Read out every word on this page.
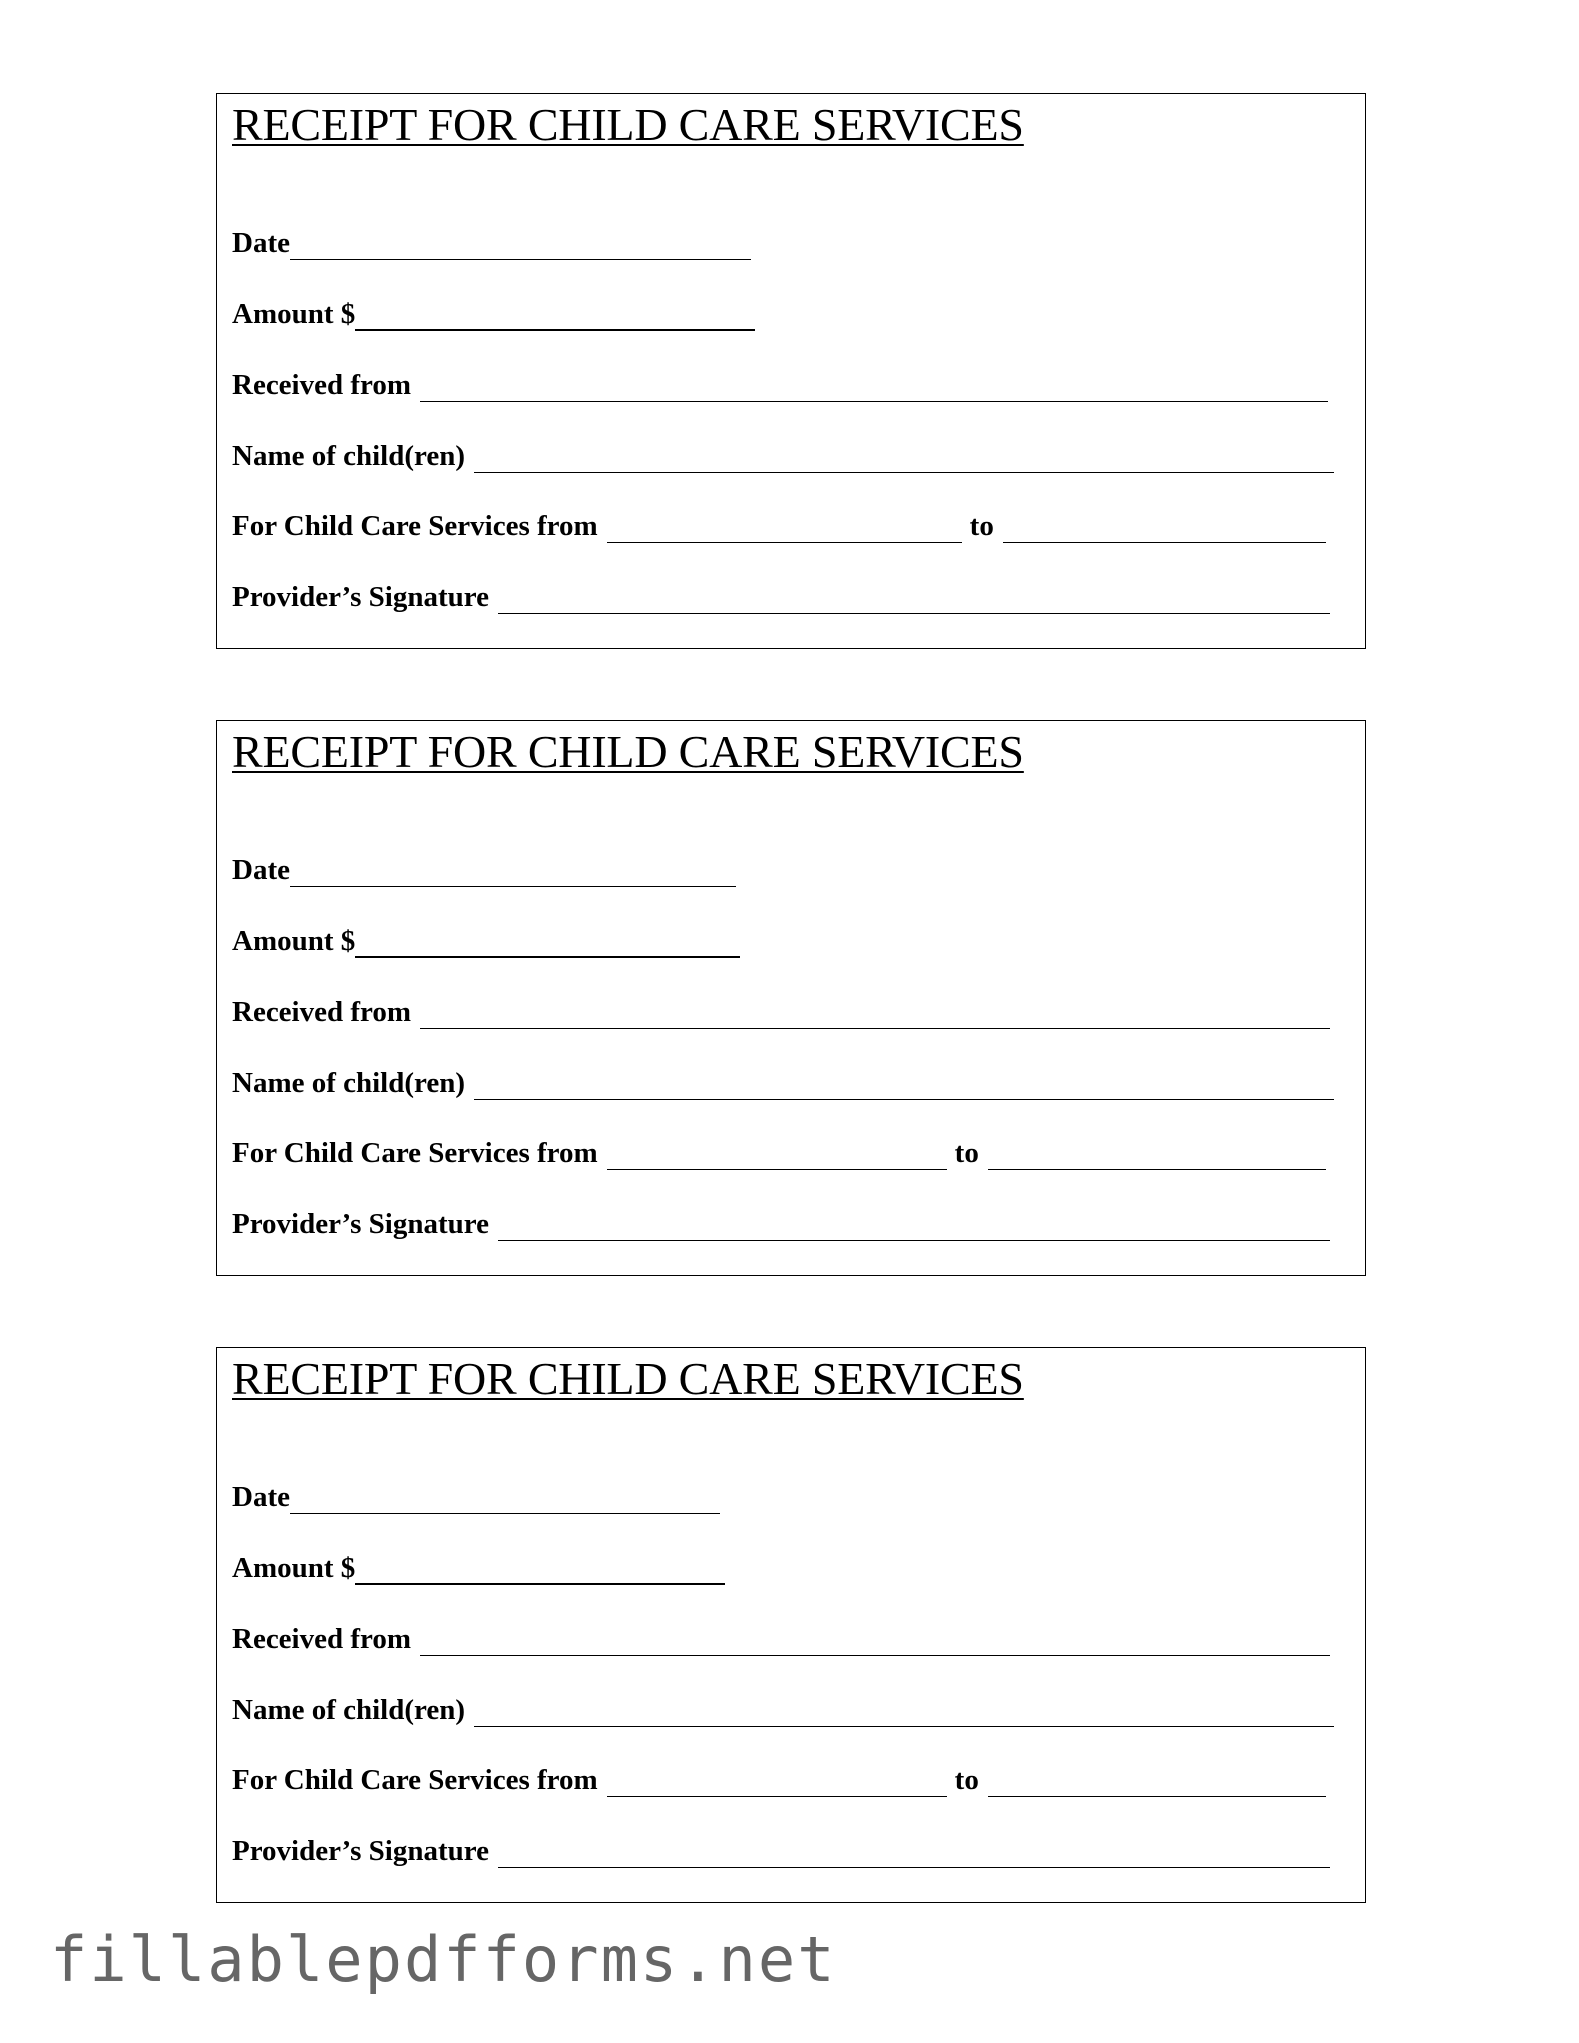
RECEIPT FOR CHILD CARE SERVICES
Date
Amount $
Received from
Name of child(ren)
For Child Care Services from	to
Provider’s Signature
RECEIPT FOR CHILD CARE SERVICES
Date
Amount $
Received from
Name of child(ren)
For Child Care Services from	to
Provider’s Signature
RECEIPT FOR CHILD CARE SERVICES
Date
Amount $
Received from
Name of child(ren)
For Child Care Services from	to
Provider’s Signature
fillablepdfforms.net
